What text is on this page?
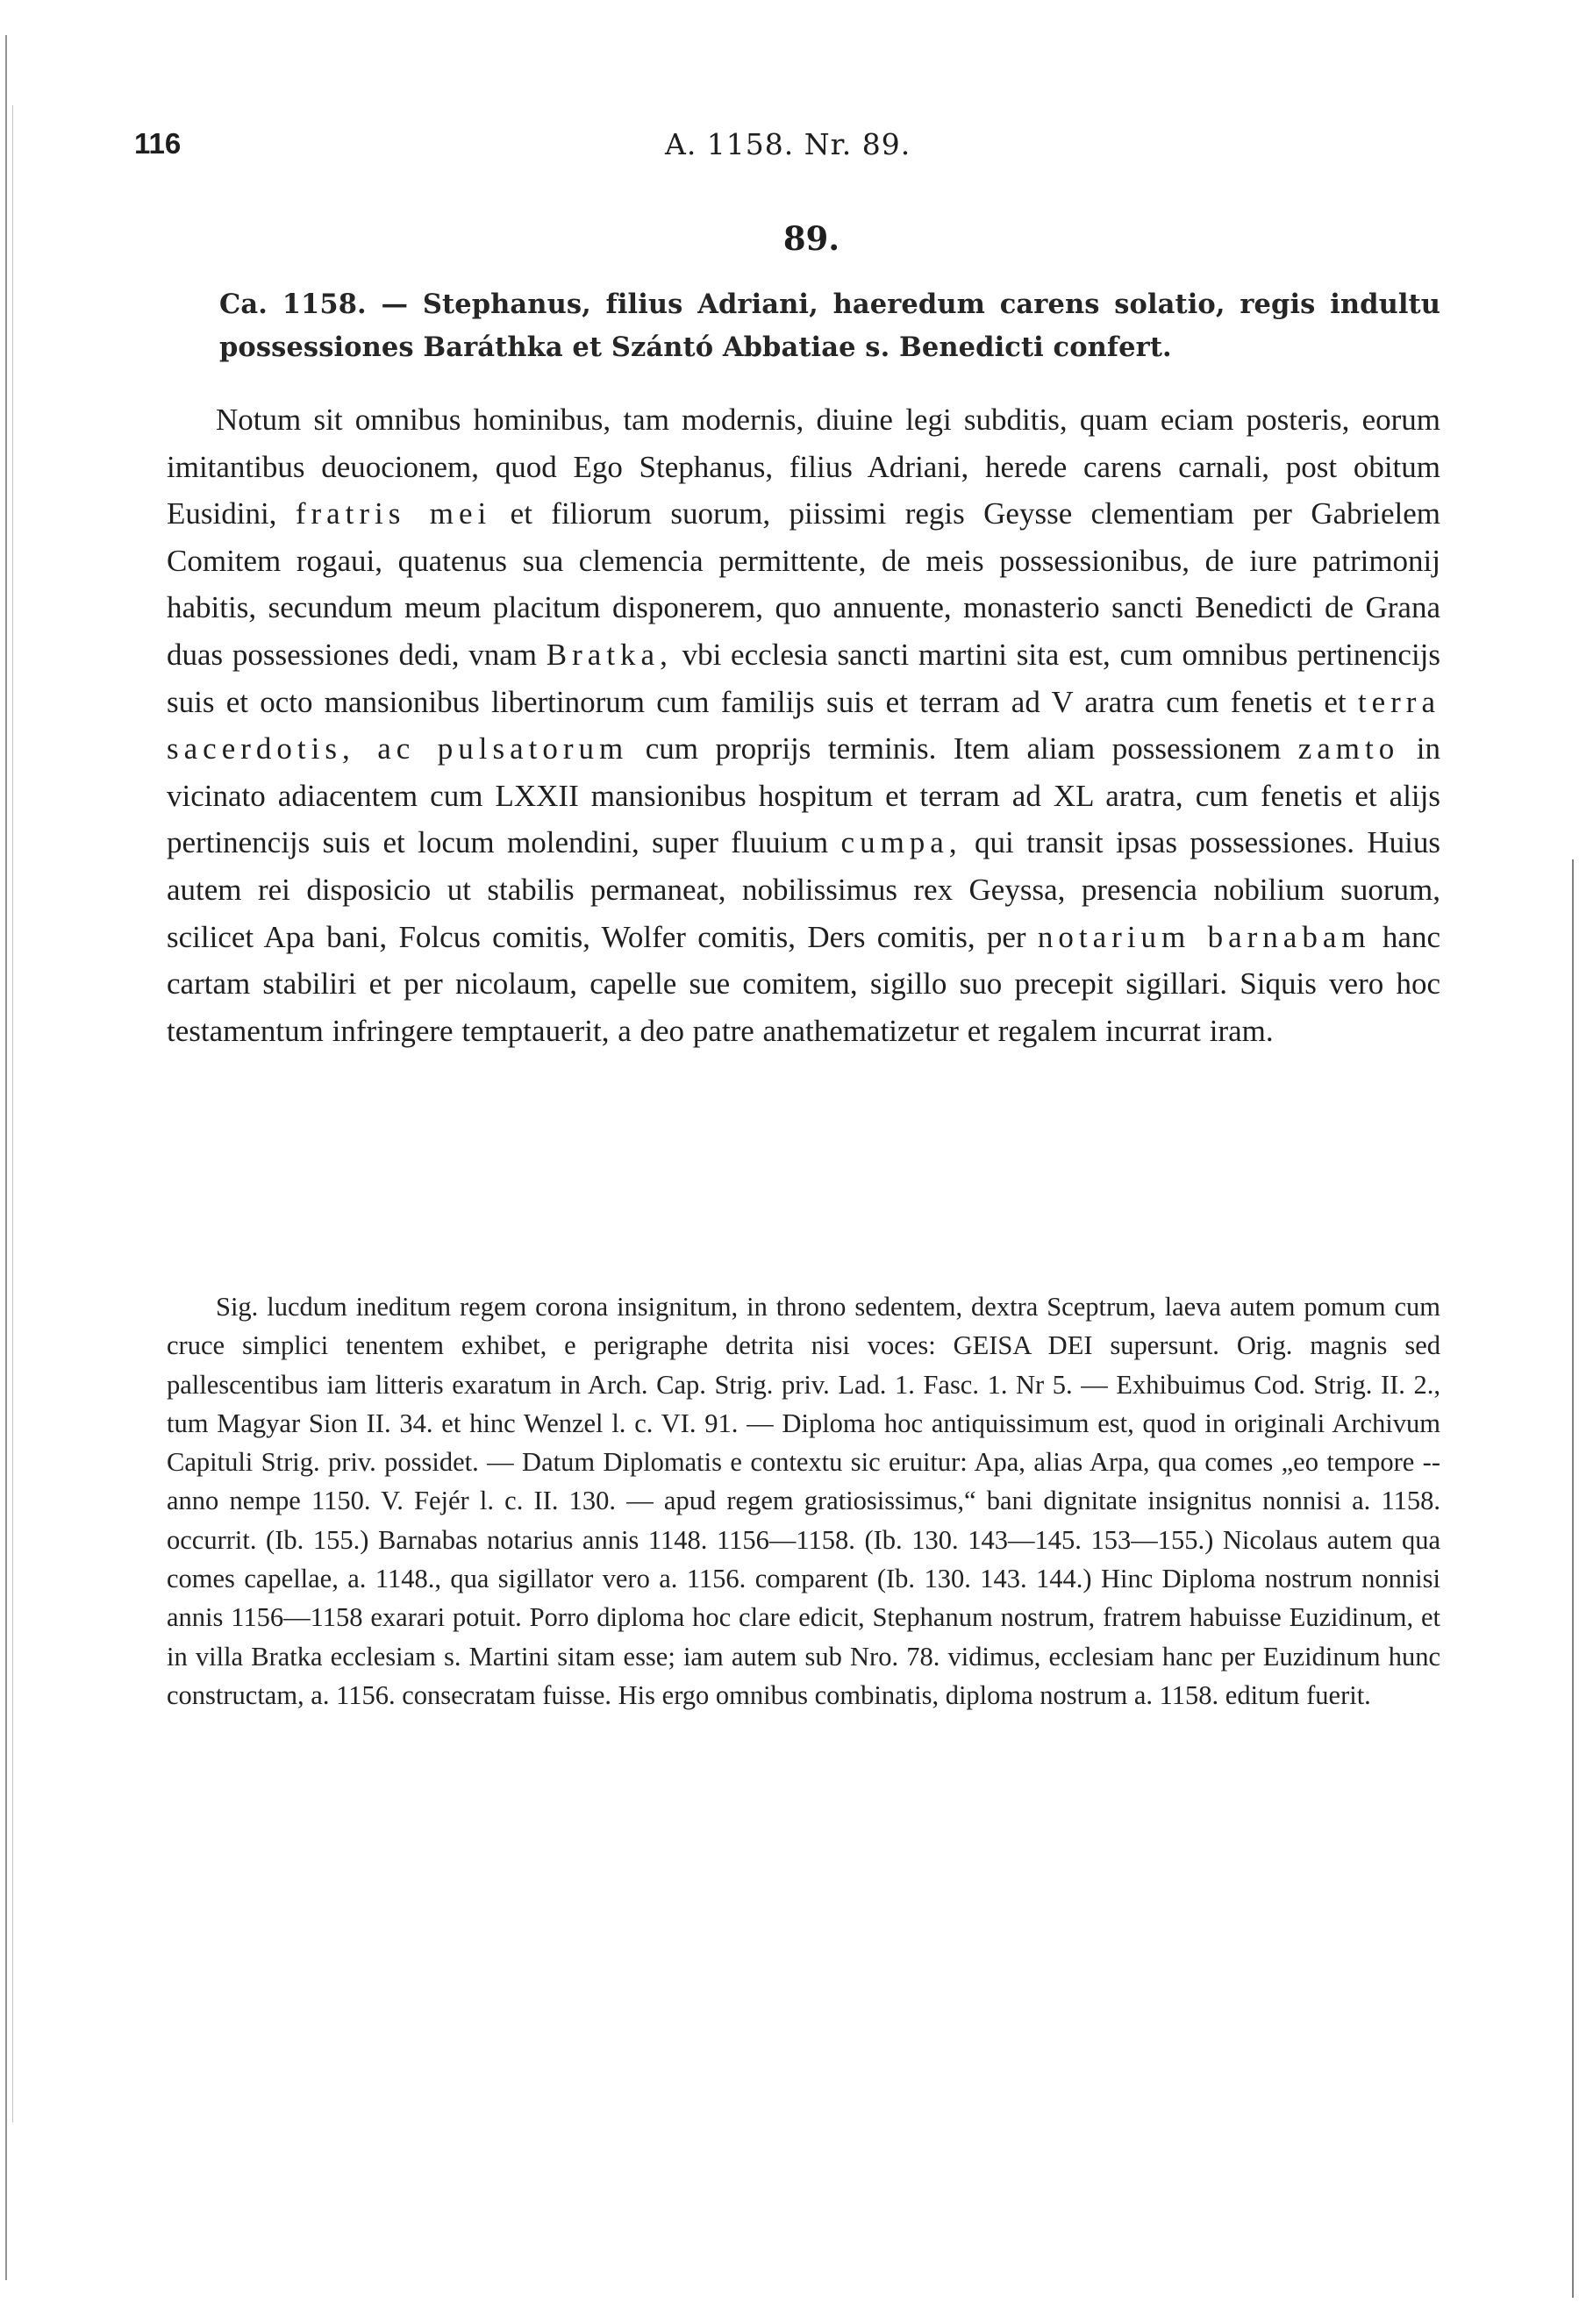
116	A. 1158. Nr. 89.
89.
Ca. 1158. — Stephanus, filius Adriani, haeredum carens solatio, regis indultu possessiones Baráthka et Szántó Abbatiae s. Benedicti confert.
Notum sit omnibus hominibus, tam modernis, diuine legi subditis, quam eciam posteris, eorum imitantibus deuocionem, quod Ego Stephanus, filius Adriani, herede carens carnali, post obitum Eusidini, fratris mei et filiorum suorum, piissimi regis Geysse clementiam per Gabrielem Comitem rogaui, quatenus sua clemencia permittente, de meis possessionibus, de iure patrimonij habitis, secundum meum placitum disponerem, quo annuente, monasterio sancti Benedicti de Grana duas possessiones dedi, vnam Bratka, vbi ecclesia sancti martini sita est, cum omnibus pertinencijs suis et octo mansionibus libertinorum cum familijs suis et terram ad V aratra cum fenetis et terra sacerdotis, ac pulsatorum cum proprijs terminis. Item aliam possessionem zamto in vicinato adiacentem cum LXXII mansionibus hospitum et terram ad XL aratra, cum fenetis et alijs pertinencijs suis et locum molendini, super fluuium cumpa, qui transit ipsas possessiones. Huius autem rei disposicio ut stabilis permaneat, nobilissimus rex Geyssa, presencia nobilium suorum, scilicet Apa bani, Folcus comitis, Wolfer comitis, Ders comitis, per notarium barnabam hanc cartam stabiliri et per nicolaum, capelle sue comitem, sigillo suo precepit sigillari. Siquis vero hoc testamentum infringere temptauerit, a deo patre anathematizetur et regalem incurrat iram.
Sig. lucdum ineditum regem corona insignitum, in throno sedentem, dextra Sceptrum, laeva autem pomum cum cruce simplici tenentem exhibet, e perigraphe detrita nisi voces: GEISA DEI supersunt. Orig. magnis sed pallescentibus iam litteris exaratum in Arch. Cap. Strig. priv. Lad. 1. Fasc. 1. Nr 5. — Exhibuimus Cod. Strig. II. 2., tum Magyar Sion II. 34. et hinc Wenzel l. c. VI. 91. — Diploma hoc antiquissimum est, quod in originali Archivum Capituli Strig. priv. possidet. — Datum Diplomatis e contextu sic eruitur: Apa, alias Arpa, qua comes „eo tempore -- anno nempe 1150. V. Fejér l. c. II. 130. — apud regem gratiosissimus,“ bani dignitate insignitus nonnisi a. 1158. occurrit. (Ib. 155.) Barnabas notarius annis 1148. 1156—1158. (Ib. 130. 143—145. 153—155.) Nicolaus autem qua comes capellae, a. 1148., qua sigillator vero a. 1156. comparent (Ib. 130. 143. 144.) Hinc Diploma nostrum nonnisi annis 1156—1158 exarari potuit. Porro diploma hoc clare edicit, Stephanum nostrum, fratrem habuisse Euzidinum, et in villa Bratka ecclesiam s. Martini sitam esse; iam autem sub Nro. 78. vidimus, ecclesiam hanc per Euzidinum hunc constructam, a. 1156. consecratam fuisse. His ergo omnibus combinatis, diploma nostrum a. 1158. editum fuerit.
